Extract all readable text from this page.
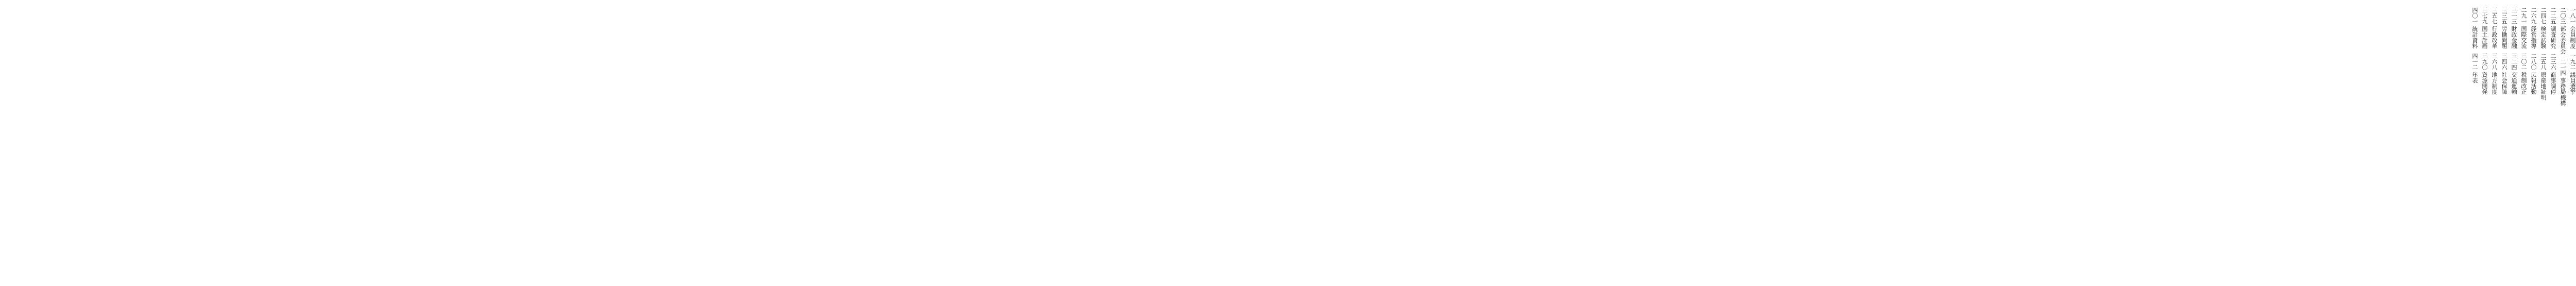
一八一 会員制度一九二 議員選挙
二〇三 部会委員会二一四 事務局機構
二二五 調査研究二三六 商事調停
二四七 検定試験二五八 原産地証明
二六九 経営指導二八〇 広報活動
二九一 国際交流三〇二 税制改正
三一三 財政金融三二四 交通運輸
三三五 労働問題三四六 社会保障
三五七 行政改革三六八 地方制度
三七九 国土計画三九〇 資源開発
四〇一 統計資料四一二 年表
